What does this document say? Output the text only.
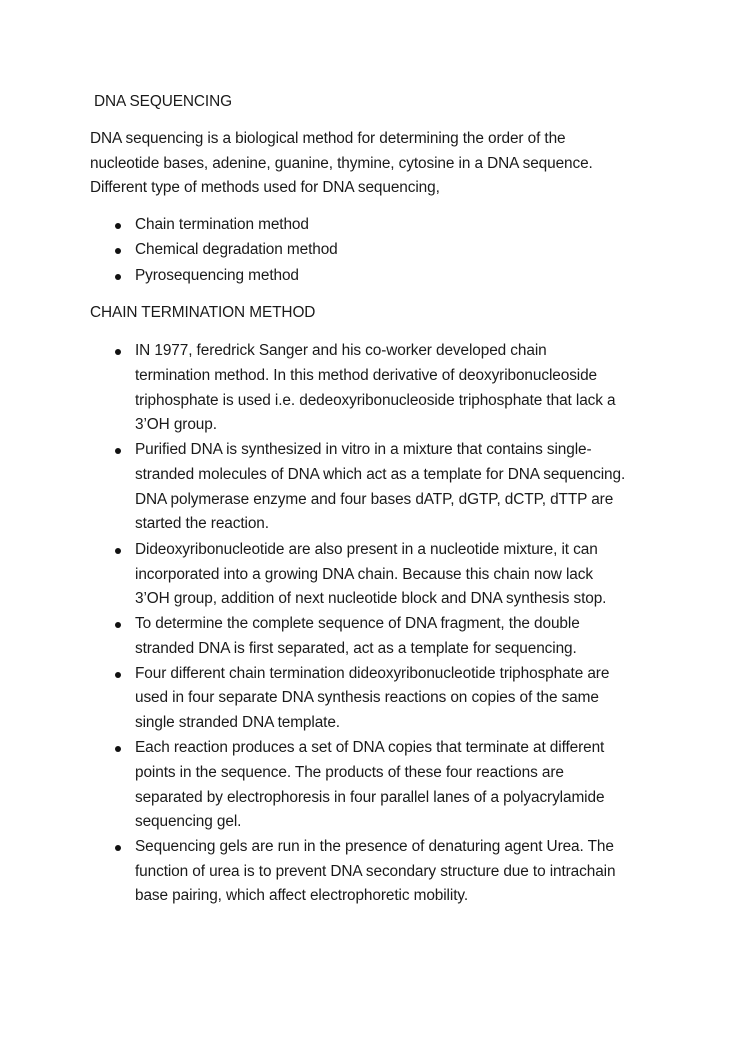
DNA SEQUENCING
DNA sequencing is a biological method for determining the order of the
nucleotide bases, adenine, guanine, thymine, cytosine in a DNA sequence.
Different type of methods used for DNA sequencing,
Chain termination method
Chemical degradation method
Pyrosequencing method
CHAIN TERMINATION METHOD
IN 1977, feredrick Sanger and his co-worker developed chain
termination method. In this method derivative of deoxyribonucleoside
triphosphate is used i.e. dedeoxyribonucleoside triphosphate that lack a
3’OH group.
Purified DNA is synthesized in vitro in a mixture that contains single-
stranded molecules of DNA which act as a template for DNA sequencing.
DNA polymerase enzyme and four bases dATP, dGTP, dCTP, dTTP are
started the reaction.
Dideoxyribonucleotide are also present in a nucleotide mixture, it can
incorporated into a growing DNA chain. Because this chain now lack
3’OH group, addition of next nucleotide block and DNA synthesis stop.
To determine the complete sequence of DNA fragment, the double
stranded DNA is first separated, act as a template for sequencing.
Four different chain termination dideoxyribonucleotide triphosphate are
used in four separate DNA synthesis reactions on copies of the same
single stranded DNA template.
Each reaction produces a set of DNA copies that terminate at different
points in the sequence. The products of these four reactions are
separated by electrophoresis in four parallel lanes of a polyacrylamide
sequencing gel.
Sequencing gels are run in the presence of denaturing agent Urea. The
function of urea is to prevent DNA secondary structure due to intrachain
base pairing, which affect electrophoretic mobility.
